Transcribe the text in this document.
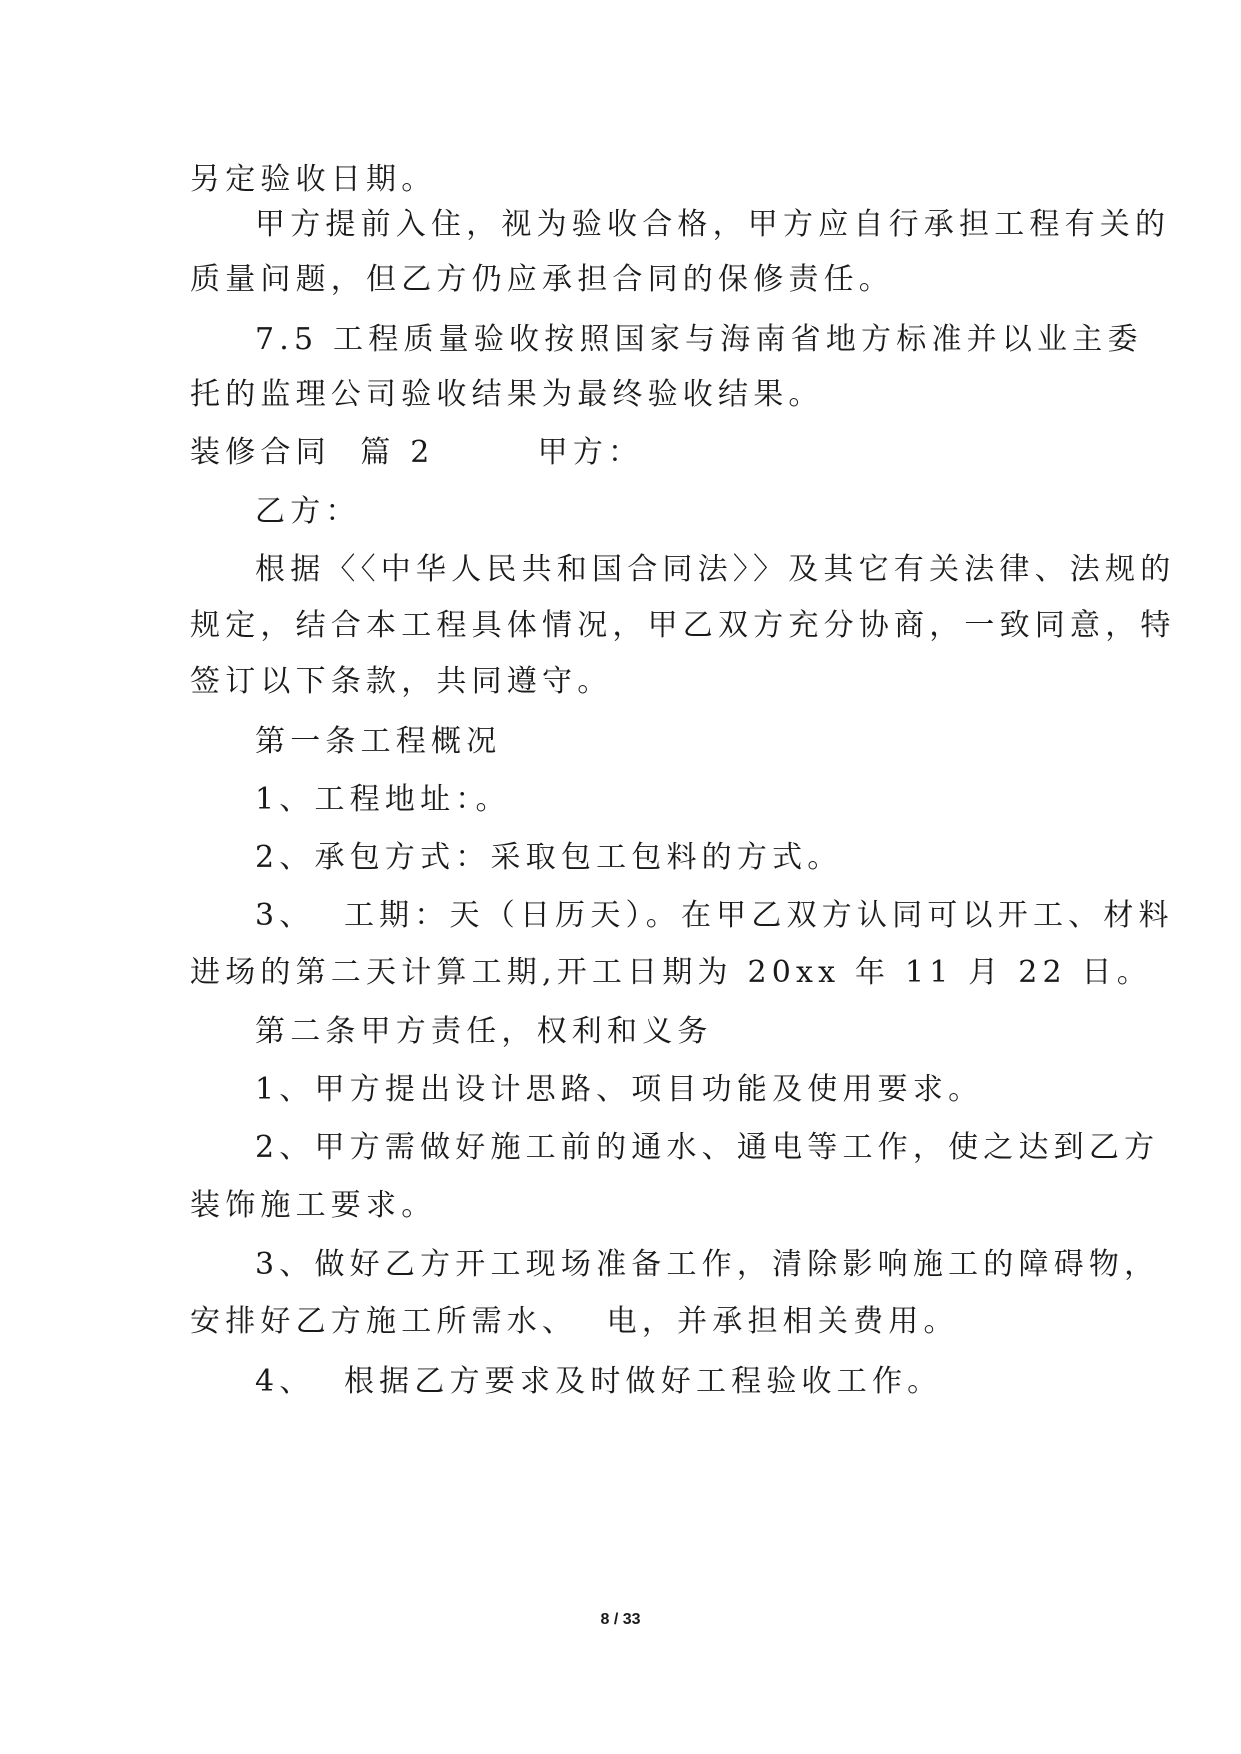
另定验收日期。
甲方提前入住，视为验收合格，甲方应自行承担工程有关的
质量问题，但乙方仍应承担合同的保修责任。
7.5 工程质量验收按照国家与海南省地方标准并以业主委
托的监理公司验收结果为最终验收结果。
装修合同  篇 2       甲方：
乙方：
根据〈〈中华人民共和国合同法〉〉及其它有关法律、法规的
规定，结合本工程具体情况，甲乙双方充分协商，一致同意，特
签订以下条款，共同遵守。
第一条工程概况
1、工程地址：。
2、承包方式：采取包工包料的方式。
3、  工期：天（日历天）。在甲乙双方认同可以开工、材料
进场的第二天计算工期,开工日期为 20xx 年 11 月 22 日。
第二条甲方责任，权利和义务
1、甲方提出设计思路、项目功能及使用要求。
2、甲方需做好施工前的通水、通电等工作，使之达到乙方
装饰施工要求。
3、做好乙方开工现场准备工作，清除影响施工的障碍物，
安排好乙方施工所需水、  电，并承担相关费用。
4、  根据乙方要求及时做好工程验收工作。
8 / 33
